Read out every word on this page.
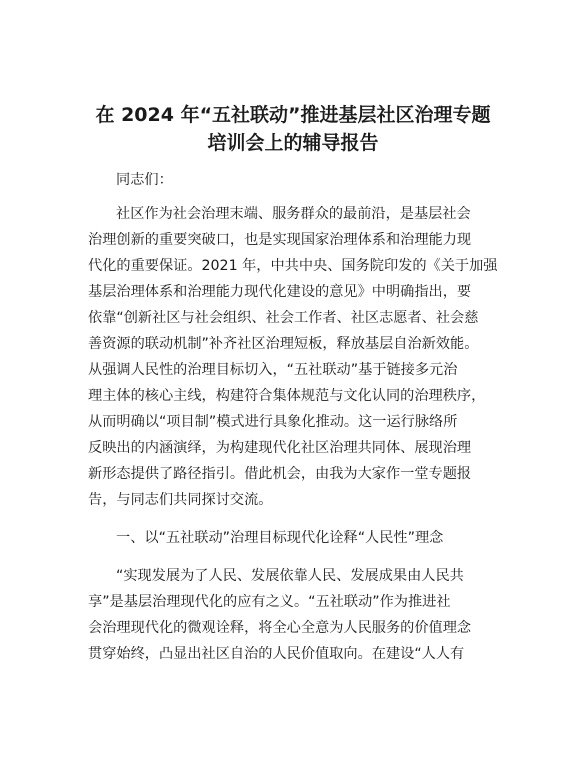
在 2024 年“五社联动”推进基层社区治理专题
培训会上的辅导报告
同志们：
社区作为社会治理末端、服务群众的最前沿，是基层社会
治理创新的重要突破口，也是实现国家治理体系和治理能力现
代化的重要保证。2021 年，中共中央、国务院印发的《关于加强
基层治理体系和治理能力现代化建设的意见》中明确指出，要
依靠“创新社区与社会组织、社会工作者、社区志愿者、社会慈
善资源的联动机制”补齐社区治理短板，释放基层自治新效能。
从强调人民性的治理目标切入，“五社联动”基于链接多元治
理主体的核心主线，构建符合集体规范与文化认同的治理秩序，
从而明确以“项目制”模式进行具象化推动。这一运行脉络所
反映出的内涵演绎，为构建现代化社区治理共同体、展现治理
新形态提供了路径指引。借此机会，由我为大家作一堂专题报
告，与同志们共同探讨交流。
一、以“五社联动”治理目标现代化诠释“人民性”理念
“实现发展为了人民、发展依靠人民、发展成果由人民共
享”是基层治理现代化的应有之义。“五社联动”作为推进社
会治理现代化的微观诠释，将全心全意为人民服务的价值理念
贯穿始终，凸显出社区自治的人民价值取向。在建设“人人有
